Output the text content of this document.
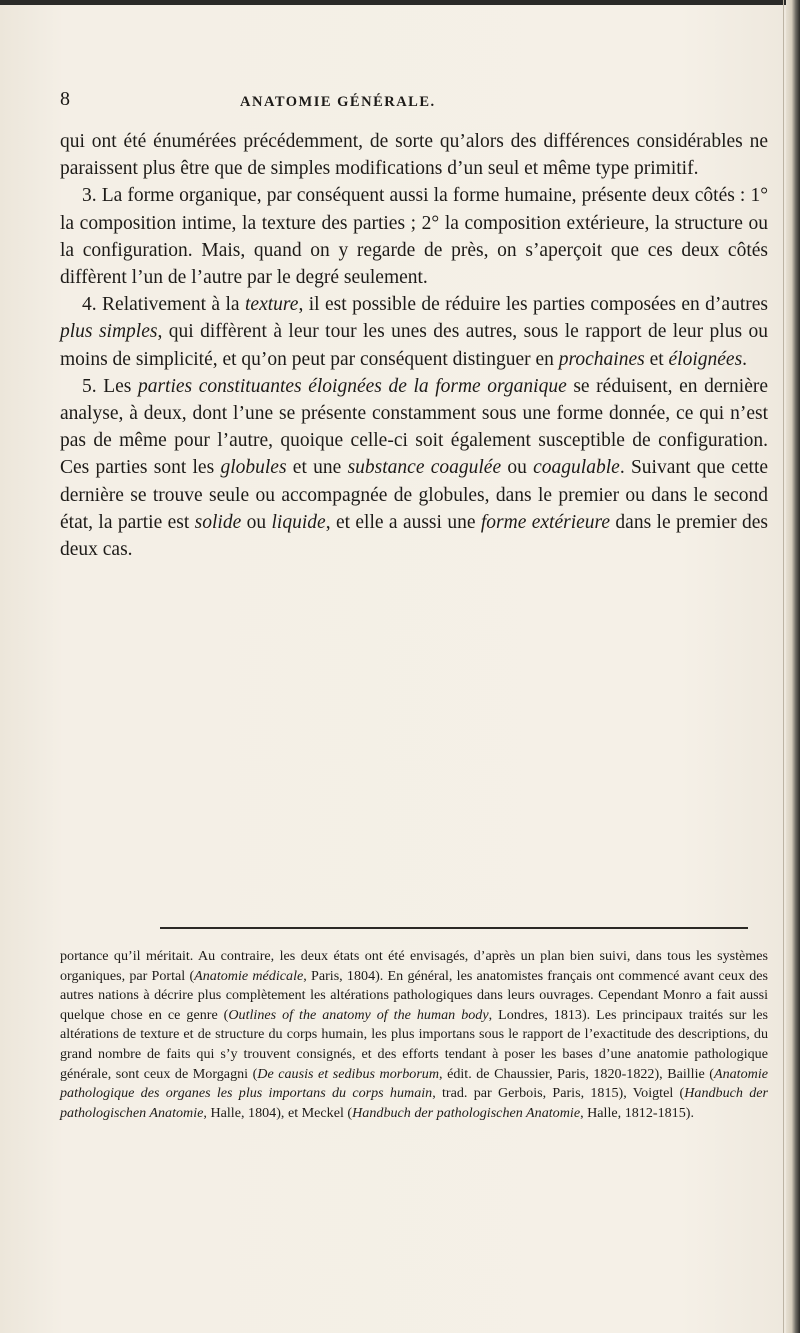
8	ANATOMIE GÉNÉRALE.

qui ont été énumérées précédemment, de sorte qu’alors des différences considérables ne paraissent plus être que de simples modifications d’un seul et même type primitif.

3. La forme organique, par conséquent aussi la forme humaine, présente deux côtés : 1° la composition intime, la texture des parties ; 2° la composition extérieure, la structure ou la configuration. Mais, quand on y regarde de près, on s’aperçoit que ces deux côtés diffèrent l’un de l’autre par le degré seulement.

4. Relativement à la texture, il est possible de réduire les parties composées en d’autres plus simples, qui diffèrent à leur tour les unes des autres, sous le rapport de leur plus ou moins de simplicité, et qu’on peut par conséquent distinguer en prochaines et éloignées.

5. Les parties constituantes éloignées de la forme organique se réduisent, en dernière analyse, à deux, dont l’une se présente constamment sous une forme donnée, ce qui n’est pas de même pour l’autre, quoique celle-ci soit également susceptible de configuration. Ces parties sont les globules et une substance coagulée ou coagulable. Suivant que cette dernière se trouve seule ou accompagnée de globules, dans le premier ou dans le second état, la partie est solide ou liquide, et elle a aussi une forme extérieure dans le premier des deux cas.

portance qu’il méritait. Au contraire, les deux états ont été envisagés, d’après un plan bien suivi, dans tous les systèmes organiques, par Portal (Anatomie médicale, Paris, 1804). En général, les anatomistes français ont commencé avant ceux des autres nations à décrire plus complètement les altérations pathologiques dans leurs ouvrages. Cependant Monro a fait aussi quelque chose en ce genre (Outlines of the anatomy of the human body, Londres, 1813). Les principaux traités sur les altérations de texture et de structure du corps humain, les plus importans sous le rapport de l’exactitude des descriptions, du grand nombre de faits qui s’y trouvent consignés, et des efforts tendant à poser les bases d’une anatomie pathologique générale, sont ceux de Morgagni (De causis et sedibus morborum, édit. de Chaussier, Paris, 1820-1822), Baillie (Anatomie pathologique des organes les plus importans du corps humain, trad. par Gerbois, Paris, 1815), Voigtel (Handbuch der pathologischen Anatomie, Halle, 1804), et Meckel (Handbuch der pathologischen Anatomie, Halle, 1812-1815).
